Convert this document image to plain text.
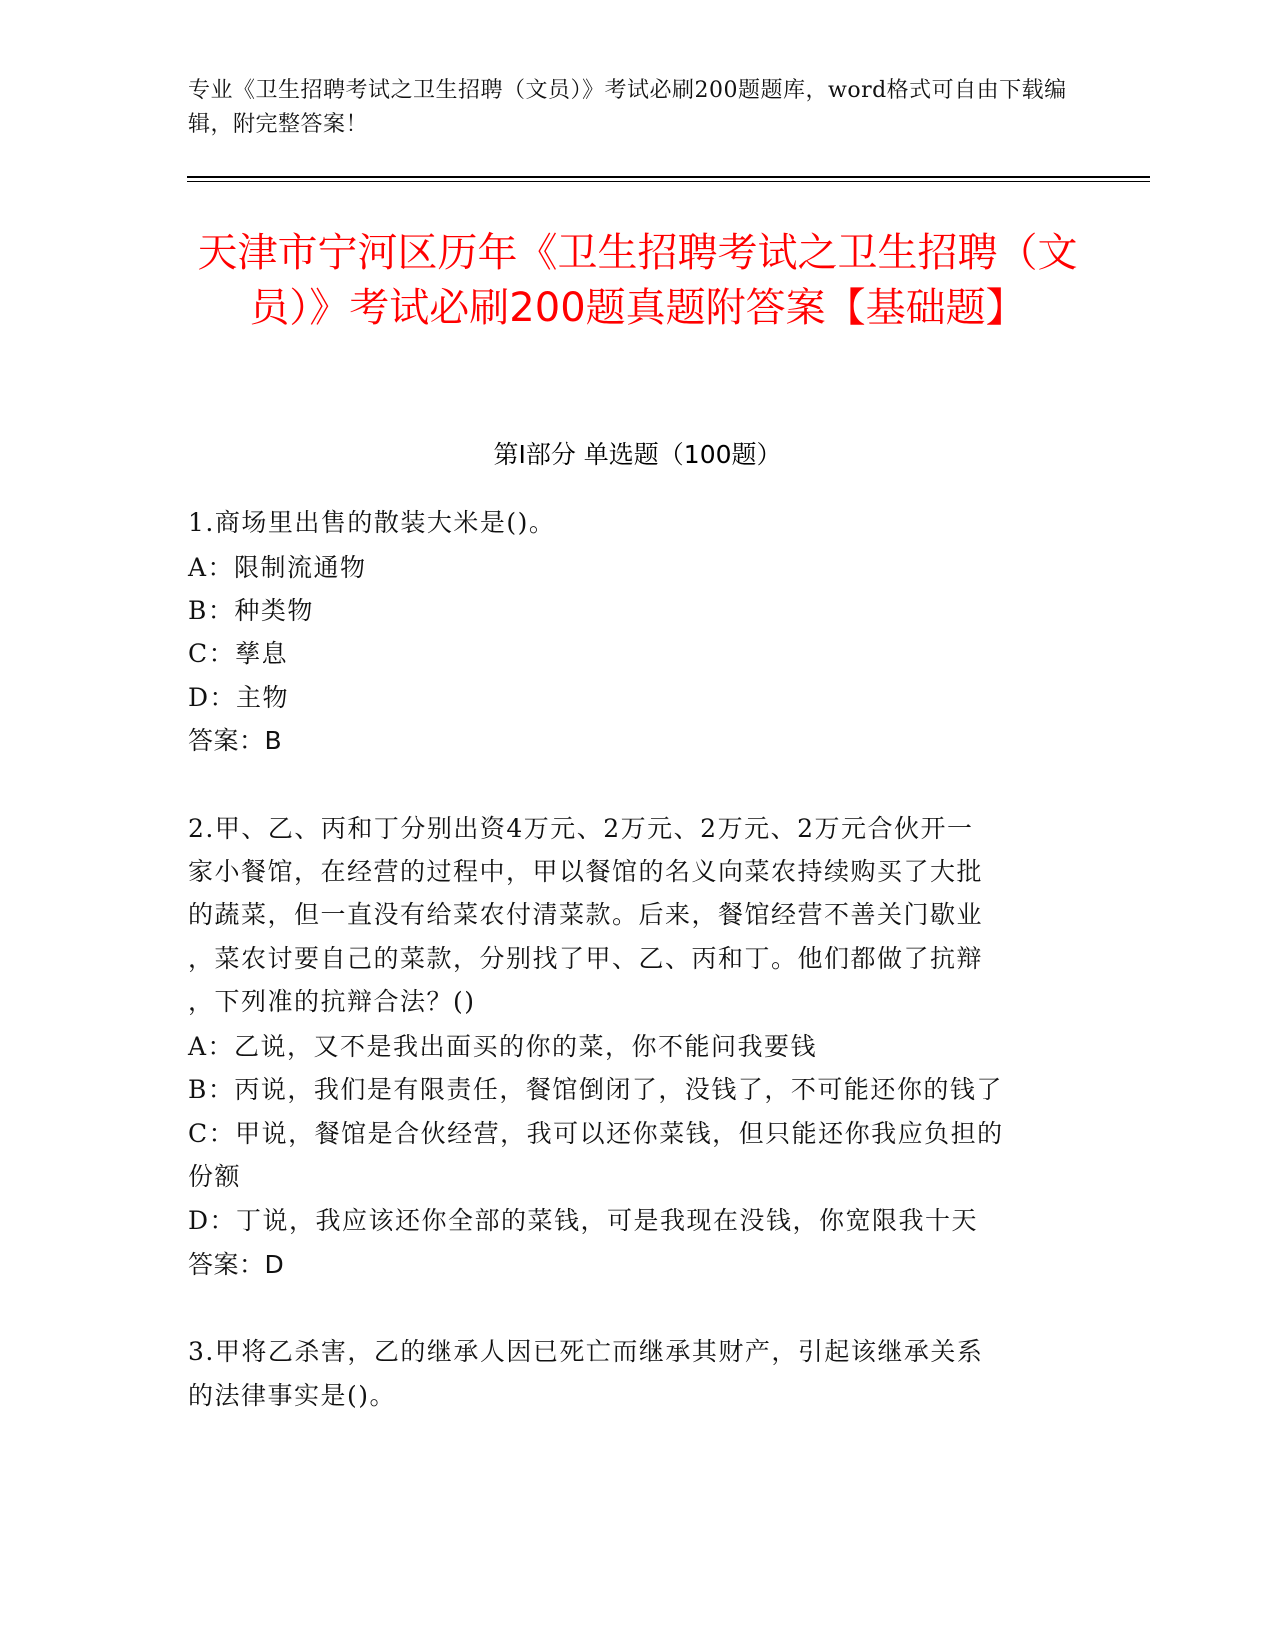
专业《卫生招聘考试之卫生招聘（文员）》考试必刷200题题库，word格式可自由下载编辑，附完整答案！
天津市宁河区历年《卫生招聘考试之卫生招聘（文员）》考试必刷200题真题附答案【基础题】
第Ⅰ部分 单选题（100题）
1.商场里出售的散装大米是()。
A：限制流通物
B：种类物
C：孳息
D：主物
答案：B
2.甲、乙、丙和丁分别出资4万元、2万元、2万元、2万元合伙开一
家小餐馆，在经营的过程中，甲以餐馆的名义向菜农持续购买了大批
的蔬菜，但一直没有给菜农付清菜款。后来，餐馆经营不善关门歇业
，菜农讨要自己的菜款，分别找了甲、乙、丙和丁。他们都做了抗辩
，下列准的抗辩合法？()
A：乙说，又不是我出面买的你的菜，你不能问我要钱
B：丙说，我们是有限责任，餐馆倒闭了，没钱了，不可能还你的钱了
C：甲说，餐馆是合伙经营，我可以还你菜钱，但只能还你我应负担的
份额
D：丁说，我应该还你全部的菜钱，可是我现在没钱，你宽限我十天
答案：D
3.甲将乙杀害，乙的继承人因已死亡而继承其财产，引起该继承关系
的法律事实是()。
